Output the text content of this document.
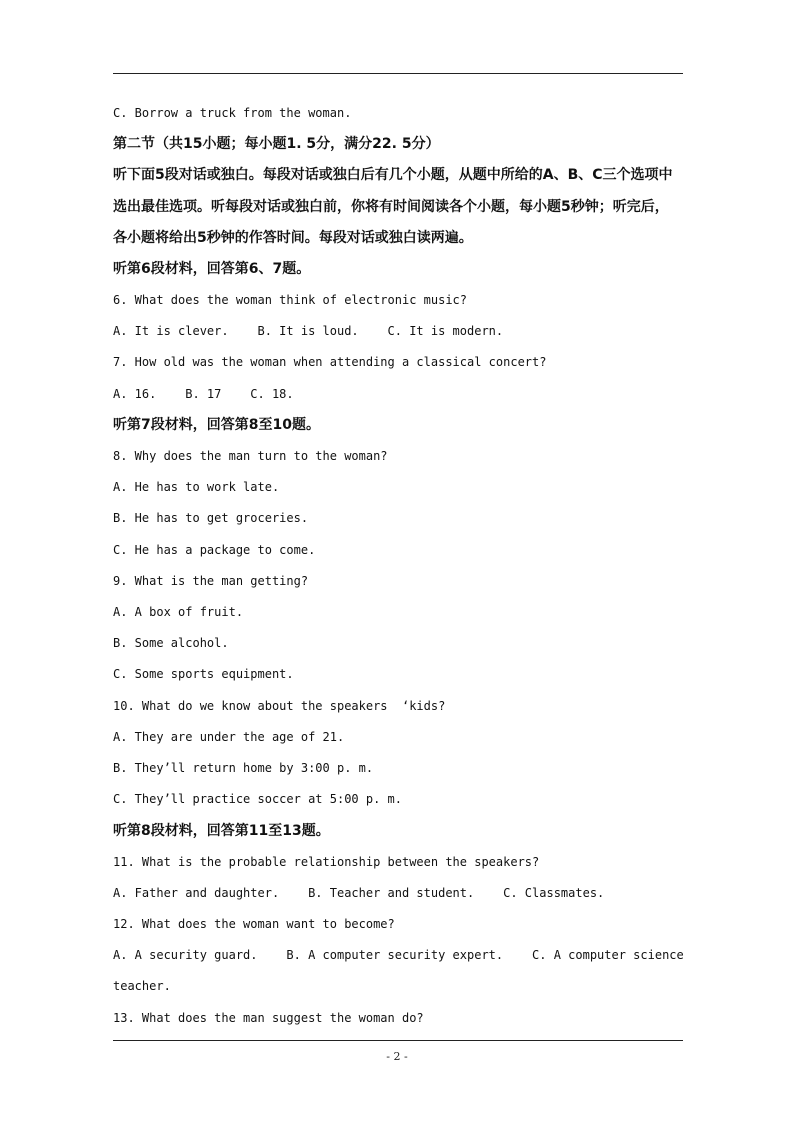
C. Borrow a truck from the woman.
第二节（共15小题；每小题1. 5分，满分22. 5分）
听下面5段对话或独白。每段对话或独白后有几个小题，从题中所给的A、B、C三个选项中
选出最佳选项。听每段对话或独白前，你将有时间阅读各个小题，每小题5秒钟；听完后，
各小题将给出5秒钟的作答时间。每段对话或独白读两遍。
听第6段材料，回答第6、7题。
6. What does the woman think of electronic music?
A. It is clever.    B. It is loud.    C. It is modern.
7. How old was the woman when attending a classical concert?
A. 16.    B. 17    C. 18.
听第7段材料，回答第8至10题。
8. Why does the man turn to the woman?
A. He has to work late.
B. He has to get groceries.
C. He has a package to come.
9. What is the man getting?
A. A box of fruit.
B. Some alcohol.
C. Some sports equipment.
10. What do we know about the speakers  ‘kids?
A. They are under the age of 21.
B. They’ll return home by 3:00 p. m.
C. They’ll practice soccer at 5:00 p. m.
听第8段材料，回答第11至13题。
11. What is the probable relationship between the speakers?
A. Father and daughter.    B. Teacher and student.    C. Classmates.
12. What does the woman want to become?
A. A security guard.    B. A computer security expert.    C. A computer science
teacher.
13. What does the man suggest the woman do?
- 2 -
